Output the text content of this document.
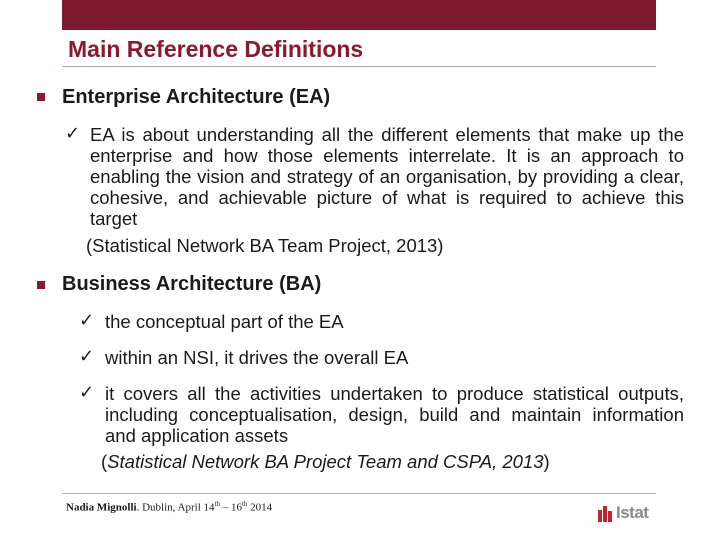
Main Reference Definitions
Enterprise Architecture (EA)
✓ EA is about understanding all the different elements that make up the enterprise and how those elements interrelate. It is an approach to enabling the vision and strategy of an organisation, by providing a clear, cohesive, and achievable picture of what is required to achieve this target
(Statistical Network BA Team Project, 2013)
Business Architecture (BA)
✓ the conceptual part of the EA
✓ within an NSI, it drives the overall EA
✓ it covers all the activities undertaken to produce statistical outputs, including conceptualisation, design, build and maintain information and application assets
(Statistical Network BA Project Team and CSPA, 2013)
Nadia Mignolli. Dublin, April 14th – 16th 2014	Istat
